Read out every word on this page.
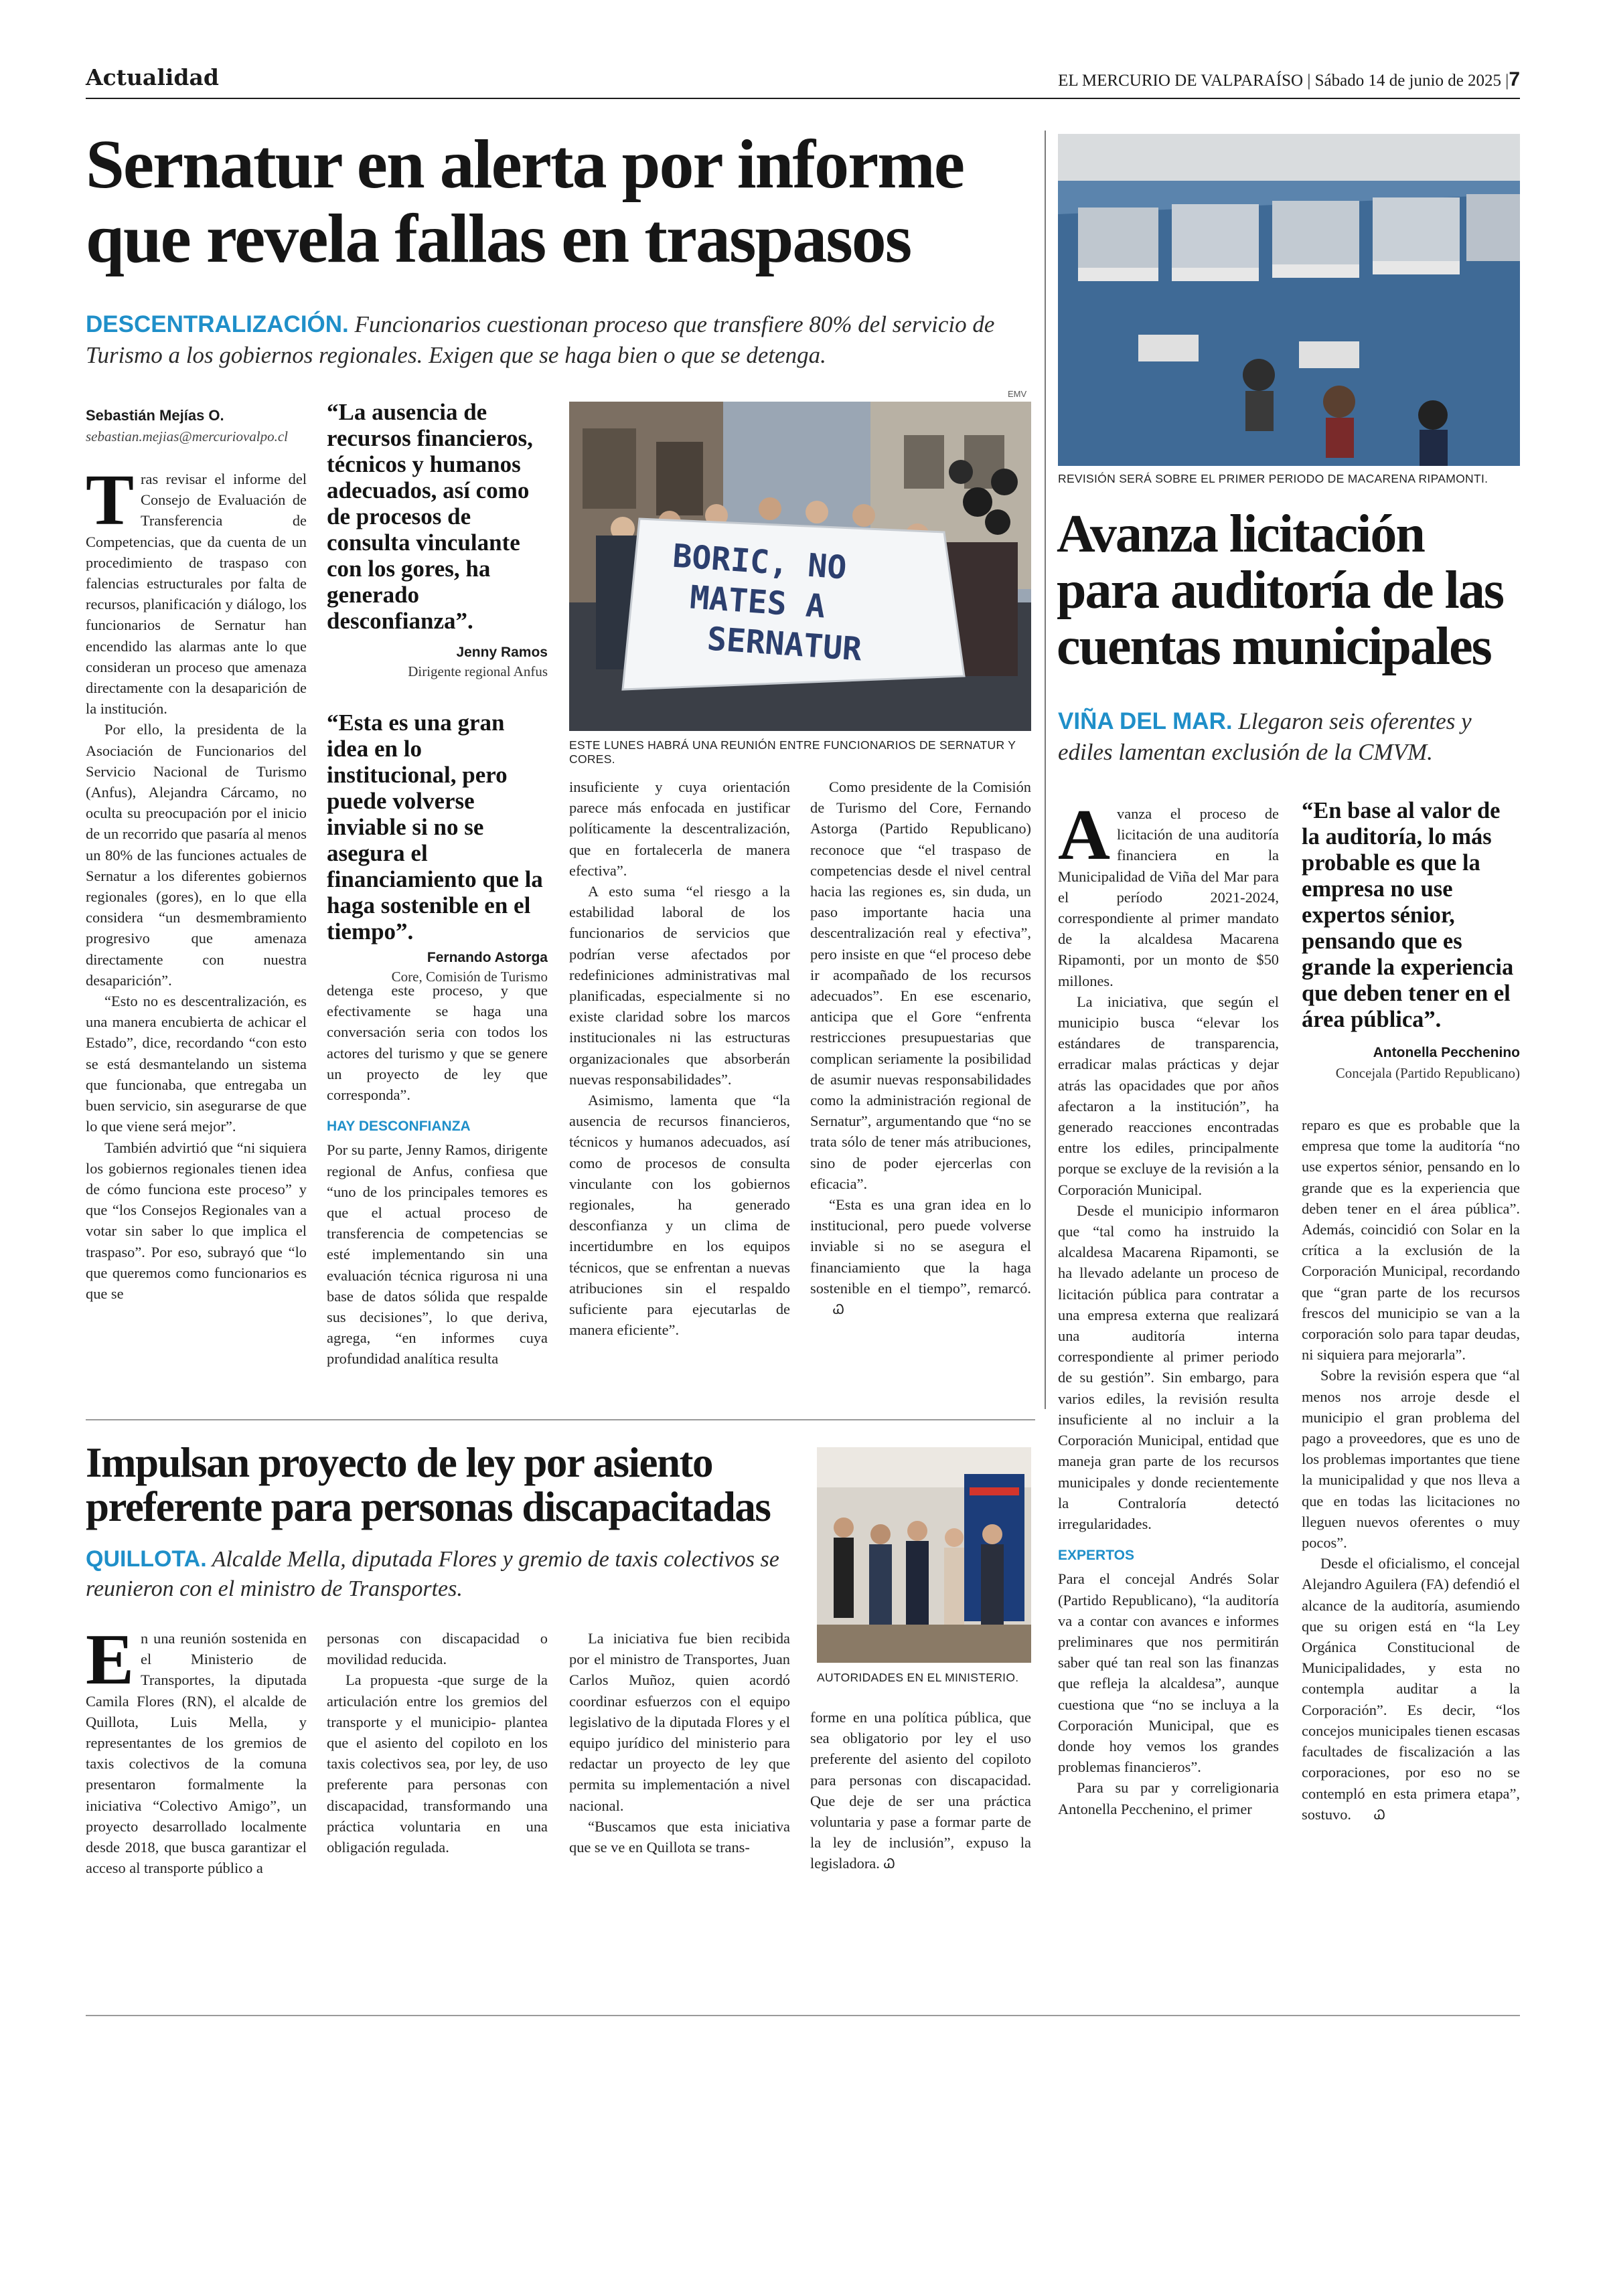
Actualidad	EL MERCURIO DE VALPARAÍSO | Sábado 14 de junio de 2025 |7
Sernatur en alerta por informe
que revela fallas en traspasos
DESCENTRALIZACIÓN. Funcionarios cuestionan proceso que transfiere 80% del servicio de Turismo a los gobiernos regionales. Exigen que se haga bien o que se detenga.
Sebastián Mejías O.
sebastian.mejias@mercuriovalpo.cl

Tras revisar el informe del Consejo de Evaluación de Transferencia de Competencias, que da cuenta de un procedimiento de traspaso con falencias estructurales por falta de recursos, planificación y diálogo, los funcionarios de Sernatur han encendido las alarmas ante lo que consideran un proceso que amenaza directamente con la desaparición de la institución.

Por ello, la presidenta de la Asociación de Funcionarios del Servicio Nacional de Turismo (Anfus), Alejandra Cárcamo, no oculta su preocupación por el inicio de un recorrido que pasaría al menos un 80% de las funciones actuales de Sernatur a los diferentes gobiernos regionales (gores), en lo que ella considera “un desmembramiento progresivo que amenaza directamente con nuestra desaparición”.

“Esto no es descentralización, es una manera encubierta de achicar el Estado”, dice, recordando “con esto se está desmantelando un sistema que funcionaba, que entregaba un buen servicio, sin asegurarse de que lo que viene será mejor”.

También advirtió que “ni siquiera los gobiernos regionales tienen idea de cómo funciona este proceso” y que “los Consejos Regionales van a votar sin saber lo que implica el traspaso”. Por eso, subrayó que “lo que queremos como funcionarios es que se

“La ausencia de recursos financieros, técnicos y humanos adecuados, así como de procesos de consulta vinculante con los gores, ha generado desconfianza”.
Jenny Ramos
Dirigente regional Anfus
“Esta es una gran idea en lo institucional, pero puede volverse inviable si no se asegura el financiamiento que la haga sostenible en el tiempo”.
Fernando Astorga
Core, Comisión de Turismo

detenga este proceso, y que efectivamente se haga una conversación seria con todos los actores del turismo y que se genere un proyecto de ley que corresponda”.

HAY DESCONFIANZA

Por su parte, Jenny Ramos, dirigente regional de Anfus, confiesa que “uno de los principales temores es que el actual proceso de transferencia de competencias se esté implementando sin una evaluación técnica rigurosa ni una base de datos sólida que respalde sus decisiones”, lo que deriva, agrega, “en informes cuya profundidad analítica resulta

BORIC, NO
MATES A
SERNATUR
EMV
ESTE LUNES HABRÁ UNA REUNIÓN ENTRE FUNCIONARIOS DE SERNATUR Y CORES.

insuficiente y cuya orientación parece más enfocada en justificar políticamente la descentralización, que en fortalecerla de manera efectiva”.

A esto suma “el riesgo a la estabilidad laboral de los funcionarios de servicios que podrían verse afectados por redefiniciones administrativas mal planificadas, especialmente si no existe claridad sobre los marcos institucionales ni las estructuras organizacionales que absorberán nuevas responsabilidades”.

Asimismo, lamenta que “la ausencia de recursos financieros, técnicos y humanos adecuados, así como de procesos de consulta vinculante con los gobiernos regionales, ha generado desconfianza y un clima de incertidumbre en los equipos técnicos, que se enfrentan a nuevas atribuciones sin el respaldo suficiente para ejecutarlas de manera eficiente”.

Como presidente de la Comisión de Turismo del Core, Fernando Astorga (Partido Republicano) reconoce que “el traspaso de competencias desde el nivel central hacia las regiones es, sin duda, un paso importante hacia una descentralización real y efectiva”, pero insiste en que “el proceso debe ir acompañado de los recursos adecuados”. En ese escenario, anticipa que el Gore “enfrenta restricciones presupuestarias que complican seriamente la posibilidad de asumir nuevas responsabilidades como la administración regional de Sernatur”, argumentando que “no se trata sólo de tener más atribuciones, sino de poder ejercerlas con eficacia”.

“Esta es una gran idea en lo institucional, pero puede volverse inviable si no se asegura el financiamiento que la haga sostenible en el tiempo”, remarcó.Ꮗ

REVISIÓN SERÁ SOBRE EL PRIMER PERIODO DE MACARENA RIPAMONTI.
Avanza licitación
para auditoría de las
cuentas municipales
VIÑA DEL MAR. Llegaron seis oferentes y ediles lamentan exclusión de la CMVM.

Avanza el proceso de licitación de una auditoría financiera en la Municipalidad de Viña del Mar para el período 2021-2024, correspondiente al primer mandato de la alcaldesa Macarena Ripamonti, por un monto de $50 millones.

La iniciativa, que según el municipio busca “elevar los estándares de transparencia, erradicar malas prácticas y dejar atrás las opacidades que por años afectaron a la institución”, ha generado reacciones encontradas entre los ediles, principalmente porque se excluye de la revisión a la Corporación Municipal.

Desde el municipio informaron que “tal como ha instruido la alcaldesa Macarena Ripamonti, se ha llevado adelante un proceso de licitación pública para contratar a una empresa externa que realizará una auditoría interna correspondiente al primer periodo de su gestión”. Sin embargo, para varios ediles, la revisión resulta insuficiente al no incluir a la Corporación Municipal, entidad que maneja gran parte de los recursos municipales y donde recientemente la Contraloría detectó irregularidades.

EXPERTOS

Para el concejal Andrés Solar (Partido Republicano), “la auditoría va a contar con avances e informes preliminares que nos permitirán saber qué tan real son las finanzas que refleja la alcaldesa”, aunque cuestiona que “no se incluya a la Corporación Municipal, que es donde hoy vemos los grandes problemas financieros”.

Para su par y correligionaria Antonella Pecchenino, el primer

“En base al valor de la auditoría, lo más probable es que la empresa no use expertos sénior, pensando que es grande la experiencia que deben tener en el área pública”.
Antonella Pecchenino
Concejala (Partido Republicano)

reparo es que es probable que la empresa que tome la auditoría “no use expertos sénior, pensando en lo grande que es la experiencia que deben tener en el área pública”. Además, coincidió con Solar en la crítica a la exclusión de la Corporación Municipal, recordando que “gran parte de los recursos frescos del municipio se van a la corporación solo para tapar deudas, ni siquiera para mejorarla”.

Sobre la revisión espera que “al menos nos arroje desde el municipio el gran problema del pago a proveedores, que es uno de los problemas importantes que tiene la municipalidad y que nos lleva a que en todas las licitaciones no lleguen nuevos oferentes o muy pocos”.

Desde el oficialismo, el concejal Alejandro Aguilera (FA) defendió el alcance de la auditoría, asumiendo que su origen está en “la Ley Orgánica Constitucional de Municipalidades, y esta no contempla auditar a la Corporación”. Es decir, “los concejos municipales tienen escasas facultades de fiscalización a las corporaciones, por eso no se contempló en esta primera etapa”, sostuvo. Ꮗ

Impulsan proyecto de ley por asiento
preferente para personas discapacitadas
QUILLOTA. Alcalde Mella, diputada Flores y gremio de taxis colectivos se reunieron con el ministro de Transportes.
AUTORIDADES EN EL MINISTERIO.

En una reunión sostenida en el Ministerio de Transportes, la diputada Camila Flores (RN), el alcalde de Quillota, Luis Mella, y representantes de los gremios de taxis colectivos de la comuna presentaron formalmente la iniciativa “Colectivo Amigo”, un proyecto desarrollado localmente desde 2018, que busca garantizar el acceso al transporte público a

personas con discapacidad o movilidad reducida.

La propuesta -que surge de la articulación entre los gremios del transporte y el municipio- plantea que el asiento del copiloto en los taxis colectivos sea, por ley, de uso preferente para personas con discapacidad, transformando una práctica voluntaria en una obligación regulada.

La iniciativa fue bien recibida por el ministro de Transportes, Juan Carlos Muñoz, quien acordó coordinar esfuerzos con el equipo legislativo de la diputada Flores y el equipo jurídico del ministerio para redactar un proyecto de ley que permita su implementación a nivel nacional.

“Buscamos que esta iniciativa que se ve en Quillota se trans-

forme en una política pública, que sea obligatorio por ley el uso preferente del asiento del copiloto para personas con discapacidad. Que deje de ser una práctica voluntaria y pase a formar parte de la ley de inclusión”, expuso la legisladora. Ꮗ
